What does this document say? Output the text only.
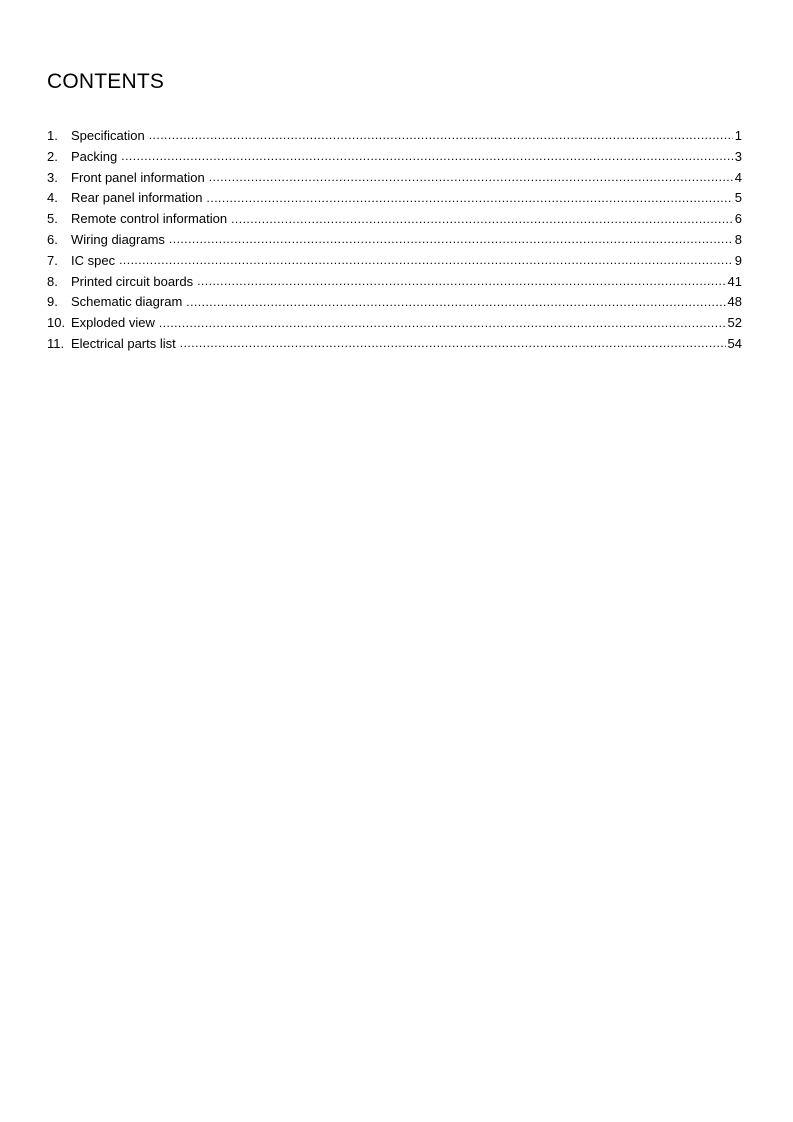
CONTENTS
1.	Specification .....	1
2.	Packing .....	3
3.	Front panel information .....	4
4.	Rear panel information .....	5
5.	Remote control information .....	6
6.	Wiring diagrams .....	8
7.	IC spec .....	9
8.	Printed circuit boards .....	41
9.	Schematic diagram .....	48
10. Exploded view .....	52
11. Electrical parts list .....	54
